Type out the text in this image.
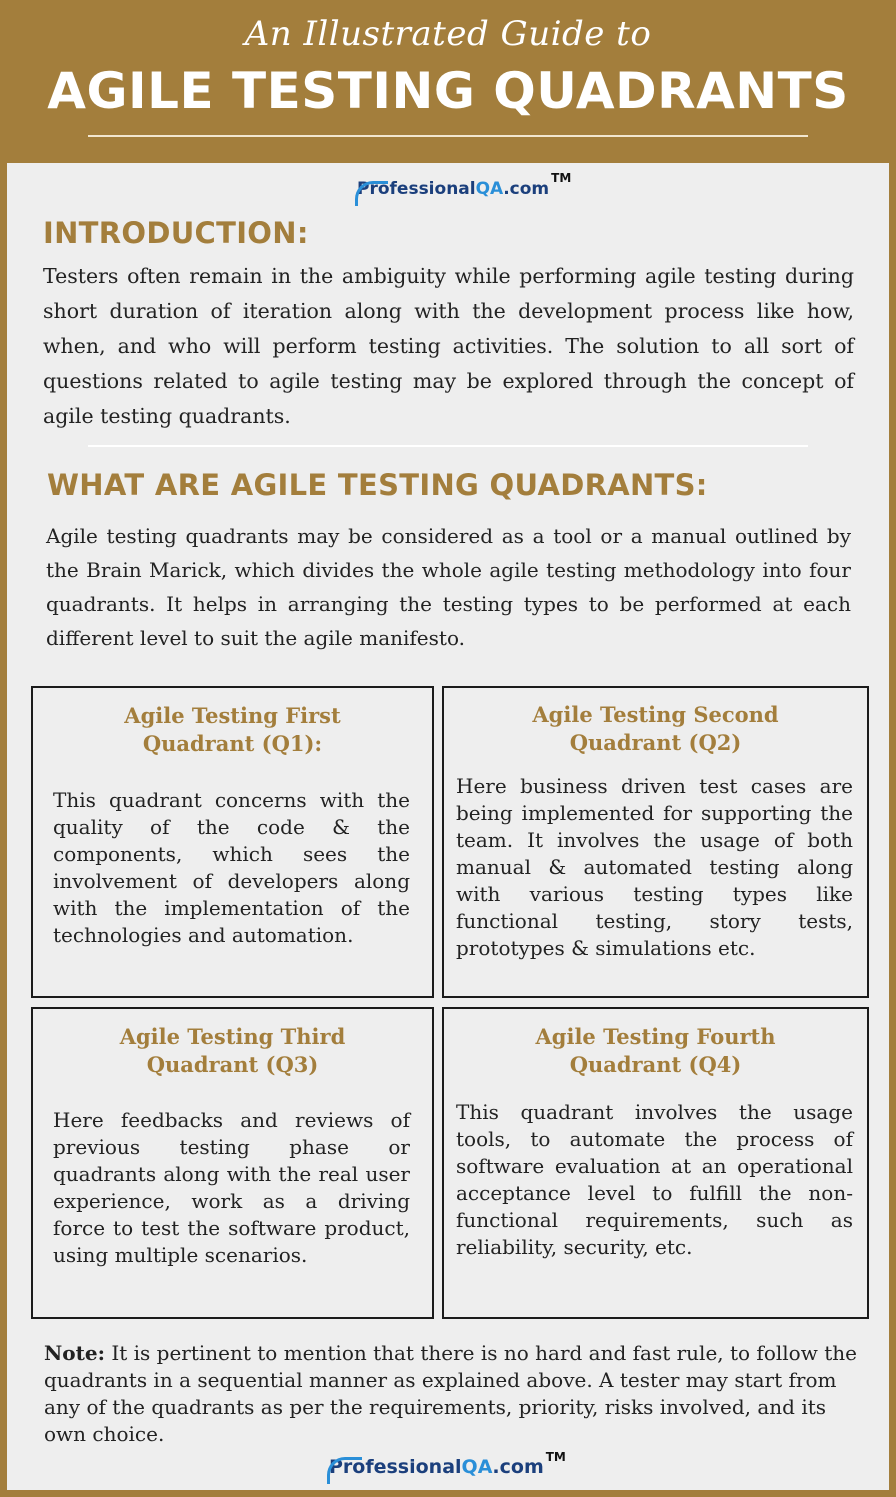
An Illustrated Guide to
AGILE TESTING QUADRANTS
Professional QA .com
TM
INTRODUCTION:
Testers often remain in the ambiguity while performing agile testing during short duration of iteration along with the development process like how, when, and who will perform testing activities. The solution to all sort of questions related to agile testing may be explored through the concept of agile testing quadrants.
WHAT ARE AGILE TESTING QUADRANTS:
Agile testing quadrants may be considered as a tool or a manual outlined by the Brain Marick, which divides the whole agile testing methodology into four quadrants. It helps in arranging the testing types to be performed at each different level to suit the agile manifesto.
Agile Testing First
Quadrant (Q1):
This quadrant concerns with the quality of the code & the components, which sees the involvement of developers along with the implementation of the technologies and automation.
Agile Testing Second
Quadrant (Q2)
Here business driven test cases are being implemented for supporting the team. It involves the usage of both manual & automated testing along with various testing types like functional testing, story tests, prototypes & simulations etc.
Agile Testing Third
Quadrant (Q3)
Here feedbacks and reviews of previous testing phase or quadrants along with the real user experience, work as a driving force to test the software product, using multiple scenarios.
Agile Testing Fourth
Quadrant (Q4)
This quadrant involves the usage tools, to automate the process of software evaluation at an operational acceptance level to fulfill the non-functional requirements, such as reliability, security, etc.
Professional QA .com TM
Note: It is pertinent to mention that there is no hard and fast rule, to follow the quadrants in a sequential manner as explained above. A tester may start from any of the quadrants as per the requirements, priority, risks involved, and its own choice.
